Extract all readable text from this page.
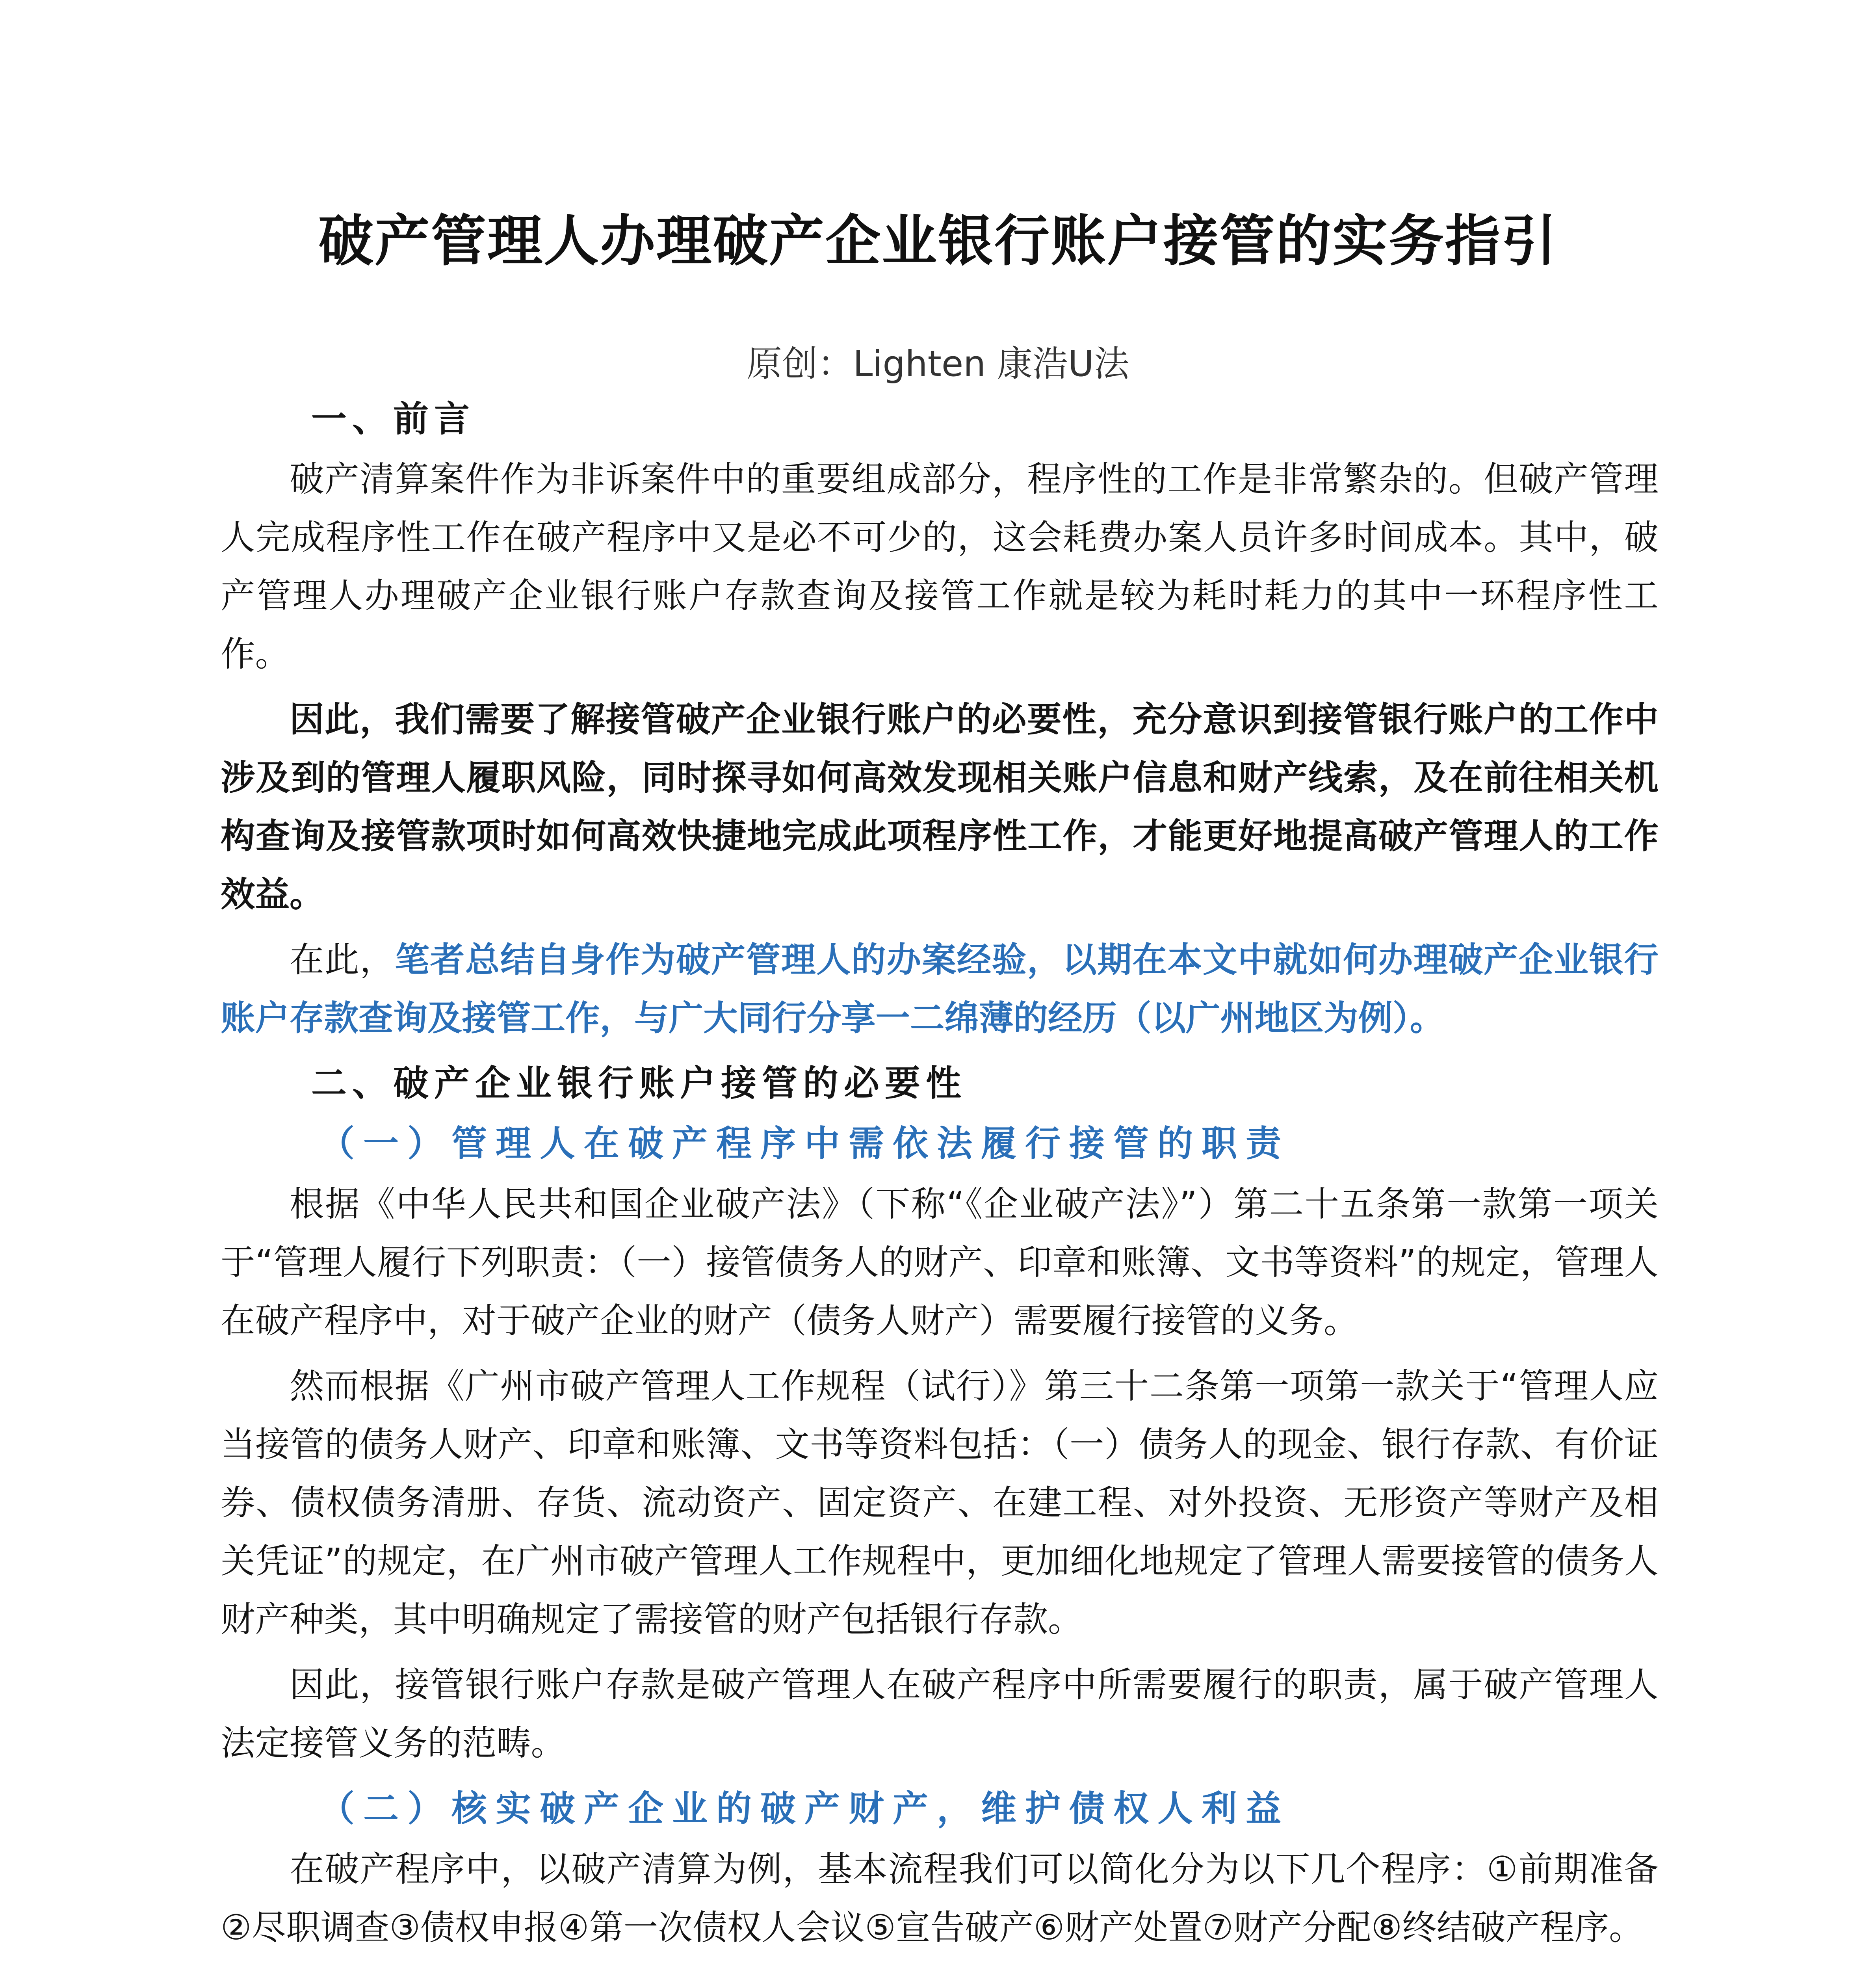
破产管理人办理破产企业银行账户接管的实务指引
原创：Lighten 康浩U法
一、前言

破产清算案件作为非诉案件中的重要组成部分，程序性的工作是非常繁杂的。但破产管理人完成程序性工作在破产程序中又是必不可少的，这会耗费办案人员许多时间成本。其中，破产管理人办理破产企业银行账户存款查询及接管工作就是较为耗时耗力的其中一环程序性工作。

因此，我们需要了解接管破产企业银行账户的必要性，充分意识到接管银行账户的工作中涉及到的管理人履职风险，同时探寻如何高效发现相关账户信息和财产线索，及在前往相关机构查询及接管款项时如何高效快捷地完成此项程序性工作，才能更好地提高破产管理人的工作效益。

在此，笔者总结自身作为破产管理人的办案经验，以期在本文中就如何办理破产企业银行账户存款查询及接管工作，与广大同行分享一二绵薄的经历（以广州地区为例）。

二、破产企业银行账户接管的必要性
（一）管理人在破产程序中需依法履行接管的职责

根据《中华人民共和国企业破产法》（下称“《企业破产法》”）第二十五条第一款第一项关于“管理人履行下列职责：（一）接管债务人的财产、印章和账簿、文书等资料”的规定，管理人在破产程序中，对于破产企业的财产（债务人财产）需要履行接管的义务。

然而根据《广州市破产管理人工作规程（试行）》第三十二条第一项第一款关于“管理人应当接管的债务人财产、印章和账簿、文书等资料包括：（一）债务人的现金、银行存款、有价证券、债权债务清册、存货、流动资产、固定资产、在建工程、对外投资、无形资产等财产及相关凭证”的规定，在广州市破产管理人工作规程中，更加细化地规定了管理人需要接管的债务人财产种类，其中明确规定了需接管的财产包括银行存款。

因此，接管银行账户存款是破产管理人在破产程序中所需要履行的职责，属于破产管理人法定接管义务的范畴。

（二）核实破产企业的破产财产，维护债权人利益

在破产程序中，以破产清算为例，基本流程我们可以简化分为以下几个程序：①前期准备②尽职调查③债权申报④第一次债权人会议⑤宣告破产⑥财产处置⑦财产分配⑧终结破产程序。
